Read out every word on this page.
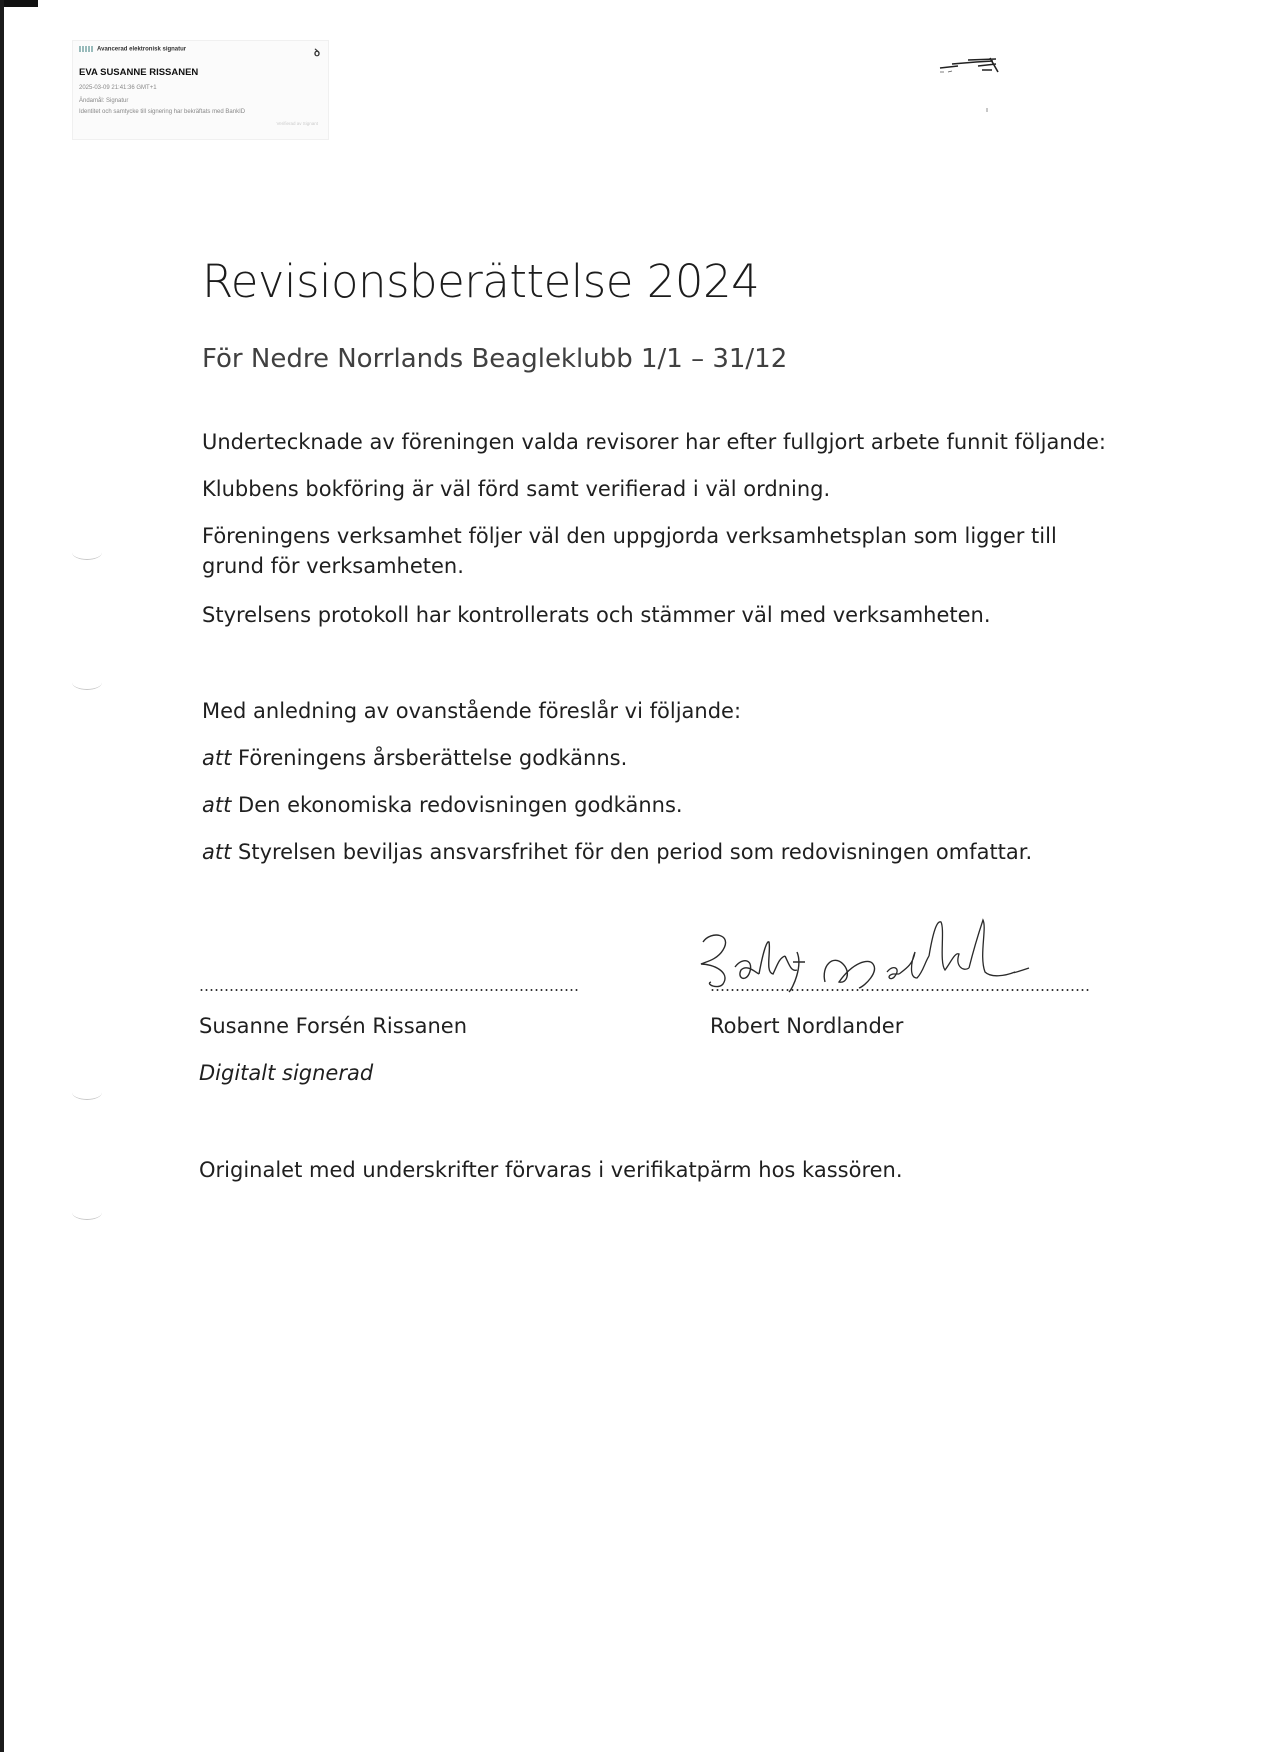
Avancerad elektronisk signatur	ꝺ
EVA SUSANNE RISSANEN
2025-03-09 21:41:36 GMT+1
Ändamål: Signatur
Identitet och samtycke till signering har bekräftats med BankID
Verifierad av Signant
Revisionsberättelse 2024
För Nedre Norrlands Beagleklubb 1/1 – 31/12
Undertecknade av föreningen valda revisorer har efter fullgjort arbete funnit följande:
Klubbens bokföring är väl förd samt verifierad i väl ordning.
Föreningens verksamhet följer väl den uppgjorda verksamhetsplan som ligger till grund för verksamheten.
Styrelsens protokoll har kontrollerats och stämmer väl med verksamheten.
Med anledning av ovanstående föreslår vi följande:
att Föreningens årsberättelse godkänns.
att Den ekonomiska redovisningen godkänns.
att Styrelsen beviljas ansvarsfrihet för den period som redovisningen omfattar.
Susanne Forsén Rissanen	Robert Nordlander
Digitalt signerad
Originalet med underskrifter förvaras i verifikatpärm hos kassören.
